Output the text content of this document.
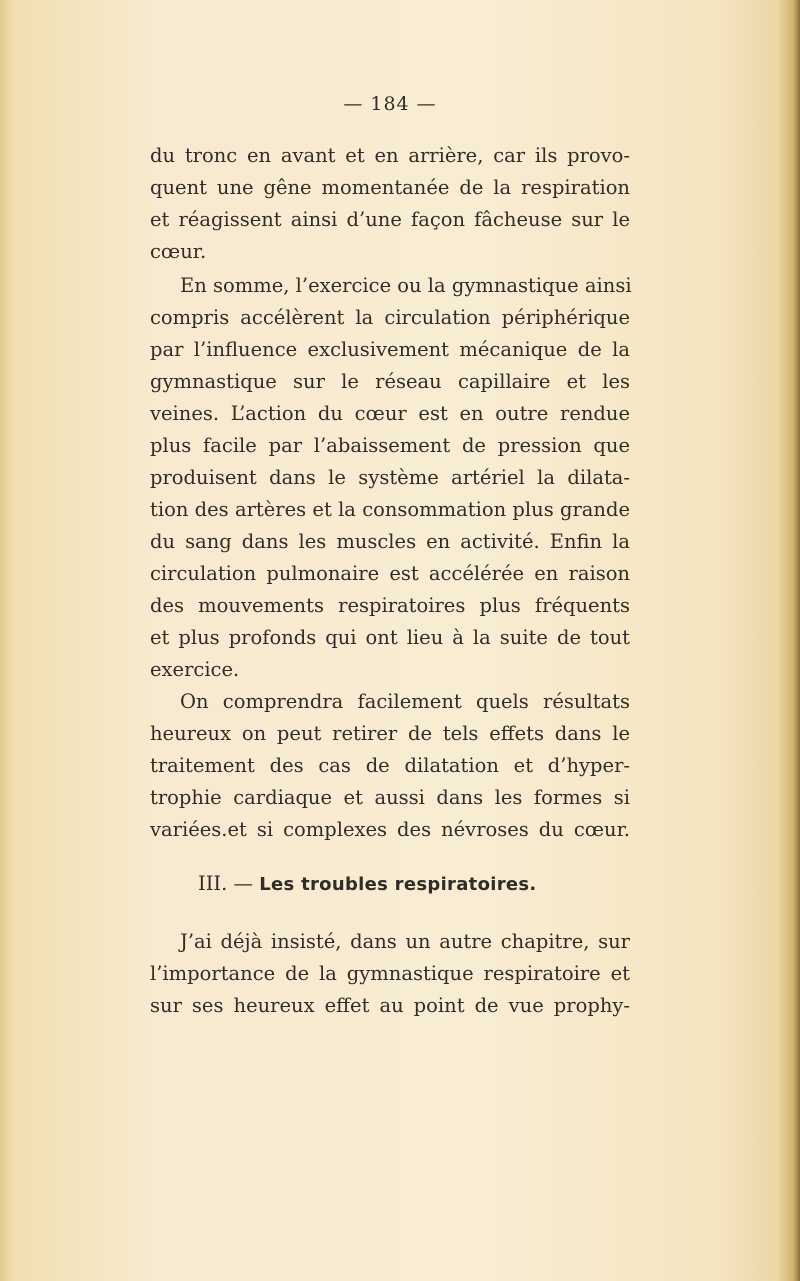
— 184 —
du tronc en avant et en arrière, car ils provo-
quent une gêne momentanée de la respiration
et réagissent ainsi d’une façon fâcheuse sur le
cœur.
En somme, l’exercice ou la gymnastique ainsi
compris accélèrent la circulation périphérique
par l’influence exclusivement mécanique de la
gymnastique sur le réseau capillaire et les
veines. L’action du cœur est en outre rendue
plus facile par l’abaissement de pression que
produisent dans le système artériel la dilata-
tion des artères et la consommation plus grande
du sang dans les muscles en activité. Enfin la
circulation pulmonaire est accélérée en raison
des mouvements respiratoires plus fréquents
et plus profonds qui ont lieu à la suite de tout
exercice.
On comprendra facilement quels résultats
heureux on peut retirer de tels effets dans le
traitement des cas de dilatation et d’hyper-
trophie cardiaque et aussi dans les formes si
variées.et si complexes des névroses du cœur.
III. — Les troubles respiratoires.
J’ai déjà insisté, dans un autre chapitre, sur
l’importance de la gymnastique respiratoire et
sur ses heureux effet au point de vue prophy-
